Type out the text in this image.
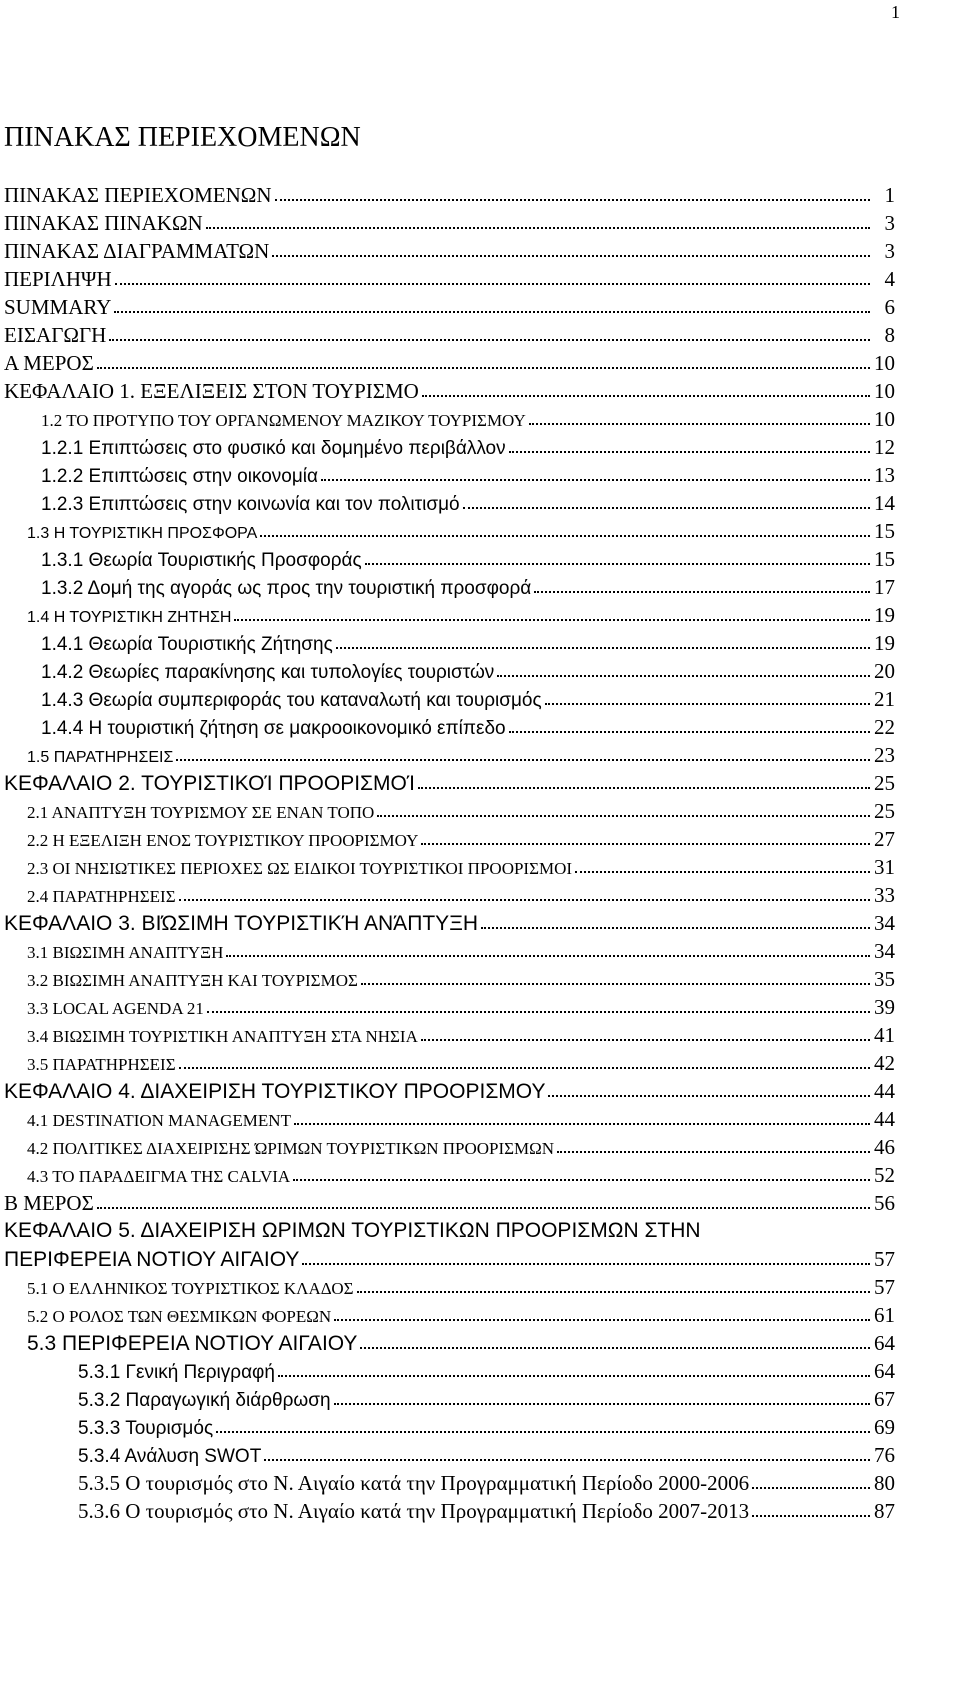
1
ΠΙΝΑΚΑΣ ΠΕΡΙΕΧΟΜΕΝΩΝ
ΠΙΝΑΚΑΣ ΠΕΡΙΕΧΟΜΕΝΩΝ	1
ΠΙΝΑΚΑΣ ΠΙΝΑΚΩΝ	3
ΠΙΝΑΚΑΣ ΔΙΑΓΡΑΜΜΑΤΩΝ	3
ΠΕΡΙΛΗΨΗ	4
SUMMARY	6
ΕΙΣΑΓΩΓΗ	8
Α ΜΕΡΟΣ	10
ΚΕΦΑΛΑΙΟ 1. ΕΞΕΛΙΞΕΙΣ ΣΤΟΝ ΤΟΥΡΙΣΜΟ	10
1.2 ΤΟ ΠΡΟΤΥΠΟ ΤΟΥ ΟΡΓΑΝΩΜΕΝΟΥ ΜΑΖΙΚΟΥ ΤΟΥΡΙΣΜΟΥ	10
1.2.1 Επιπτώσεις στο φυσικό και δομημένο περιβάλλον	12
1.2.2 Επιπτώσεις στην οικονομία	13
1.2.3 Επιπτώσεις στην κοινωνία και τον πολιτισμό	14
1.3 Η ΤΟΥΡΙΣΤΙΚΗ ΠΡΟΣΦΟΡΑ	15
1.3.1 Θεωρία Τουριστικής Προσφοράς	15
1.3.2 Δομή της αγοράς ως προς την τουριστική προσφορά	17
1.4 Η ΤΟΥΡΙΣΤΙΚΗ ΖΗΤΗΣΗ	19
1.4.1 Θεωρία Τουριστικής Ζήτησης	19
1.4.2 Θεωρίες παρακίνησης και τυπολογίες τουριστών	20
1.4.3 Θεωρία συμπεριφοράς του καταναλωτή και τουρισμός	21
1.4.4 Η τουριστική ζήτηση σε μακροοικονομικό επίπεδο	22
1.5 ΠΑΡΑΤΗΡΗΣΕΙΣ	23
ΚΕΦΑΛΑΙΟ 2. ΤΟΥΡΙΣΤΙΚΟΊ ΠΡΟΟΡΙΣΜΟΊ	25
2.1 ΑΝΑΠΤΥΞΗ ΤΟΥΡΙΣΜΟΥ ΣΕ ΕΝΑΝ ΤΟΠΟ	25
2.2 Η ΕΞΕΛΙΞΗ ΕΝΟΣ ΤΟΥΡΙΣΤΙΚΟΥ ΠΡΟΟΡΙΣΜΟΥ	27
2.3 ΟΙ ΝΗΣΙΩΤΙΚΕΣ ΠΕΡΙΟΧΕΣ ΩΣ ΕΙΔΙΚΟΙ ΤΟΥΡΙΣΤΙΚΟΙ ΠΡΟΟΡΙΣΜΟΙ	31
2.4 ΠΑΡΑΤΗΡΗΣΕΙΣ	33
ΚΕΦΑΛΑΙΟ 3. ΒΙΏΣΙΜΗ ΤΟΥΡΙΣΤΙΚΉ ΑΝΆΠΤΥΞΗ	34
3.1 ΒΙΩΣΙΜΗ ΑΝΑΠΤΥΞΗ	34
3.2 ΒΙΩΣΙΜΗ ΑΝΑΠΤΥΞΗ ΚΑΙ ΤΟΥΡΙΣΜΟΣ	35
3.3 LOCAL AGENDA 21	39
3.4 ΒΙΩΣΙΜΗ ΤΟΥΡΙΣΤΙΚΗ ΑΝΑΠΤΥΞΗ ΣΤΑ ΝΗΣΙΑ	41
3.5 ΠΑΡΑΤΗΡΗΣΕΙΣ	42
ΚΕΦΑΛΑΙΟ 4. ΔΙΑΧΕΙΡΙΣΗ ΤΟΥΡΙΣΤΙΚΟΥ ΠΡΟΟΡΙΣΜΟΥ	44
4.1 DESTINATION MANAGEMENT	44
4.2 ΠΟΛΙΤΙΚΕΣ ΔΙΑΧΕΙΡΙΣΗΣ ΏΡΙΜΩΝ ΤΟΥΡΙΣΤΙΚΩΝ ΠΡΟΟΡΙΣΜΩΝ	46
4.3 ΤΟ ΠΑΡΑΔΕΙΓΜΑ ΤΗΣ CALVIA	52
Β ΜΕΡΟΣ	56
ΚΕΦΑΛΑΙΟ 5. ΔΙΑΧΕΙΡΙΣΗ ΩΡΙΜΩΝ ΤΟΥΡΙΣΤΙΚΩΝ ΠΡΟΟΡΙΣΜΩΝ ΣΤΗΝ
ΠΕΡΙΦΕΡΕΙΑ ΝΟΤΙΟΥ ΑΙΓΑΙΟΥ	57
5.1 Ο ΕΛΛΗΝΙΚΟΣ ΤΟΥΡΙΣΤΙΚΟΣ ΚΛΑΔΟΣ	57
5.2 Ο ΡΟΛΟΣ ΤΩΝ ΘΕΣΜΙΚΩΝ ΦΟΡΕΩΝ	61
5.3 ΠΕΡΙΦΕΡΕΙΑ ΝΟΤΙΟΥ ΑΙΓΑΙΟΥ	64
5.3.1 Γενική Περιγραφή	64
5.3.2 Παραγωγική διάρθρωση	67
5.3.3 Τουρισμός	69
5.3.4 Ανάλυση SWOT	76
5.3.5 Ο τουρισμός στο Ν. Αιγαίο κατά την Προγραμματική Περίοδο 2000-2006	80
5.3.6 Ο τουρισμός στο Ν. Αιγαίο κατά την Προγραμματική Περίοδο 2007-2013	87
